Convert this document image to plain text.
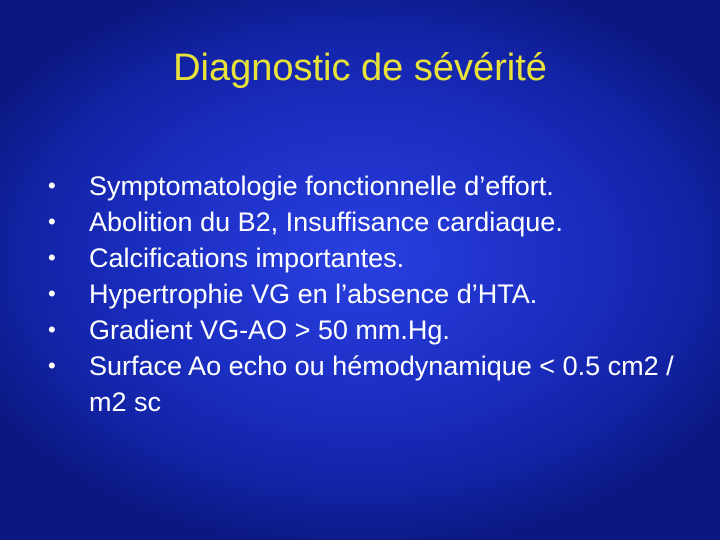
Diagnostic de sévérité
• Symptomatologie fonctionnelle d’effort.
• Abolition du B2, Insuffisance cardiaque.
• Calcifications importantes.
• Hypertrophie VG en l’absence d’HTA.
• Gradient VG-AO > 50 mm.Hg.
• Surface Ao echo ou hémodynamique < 0.5 cm2 / m2 sc
